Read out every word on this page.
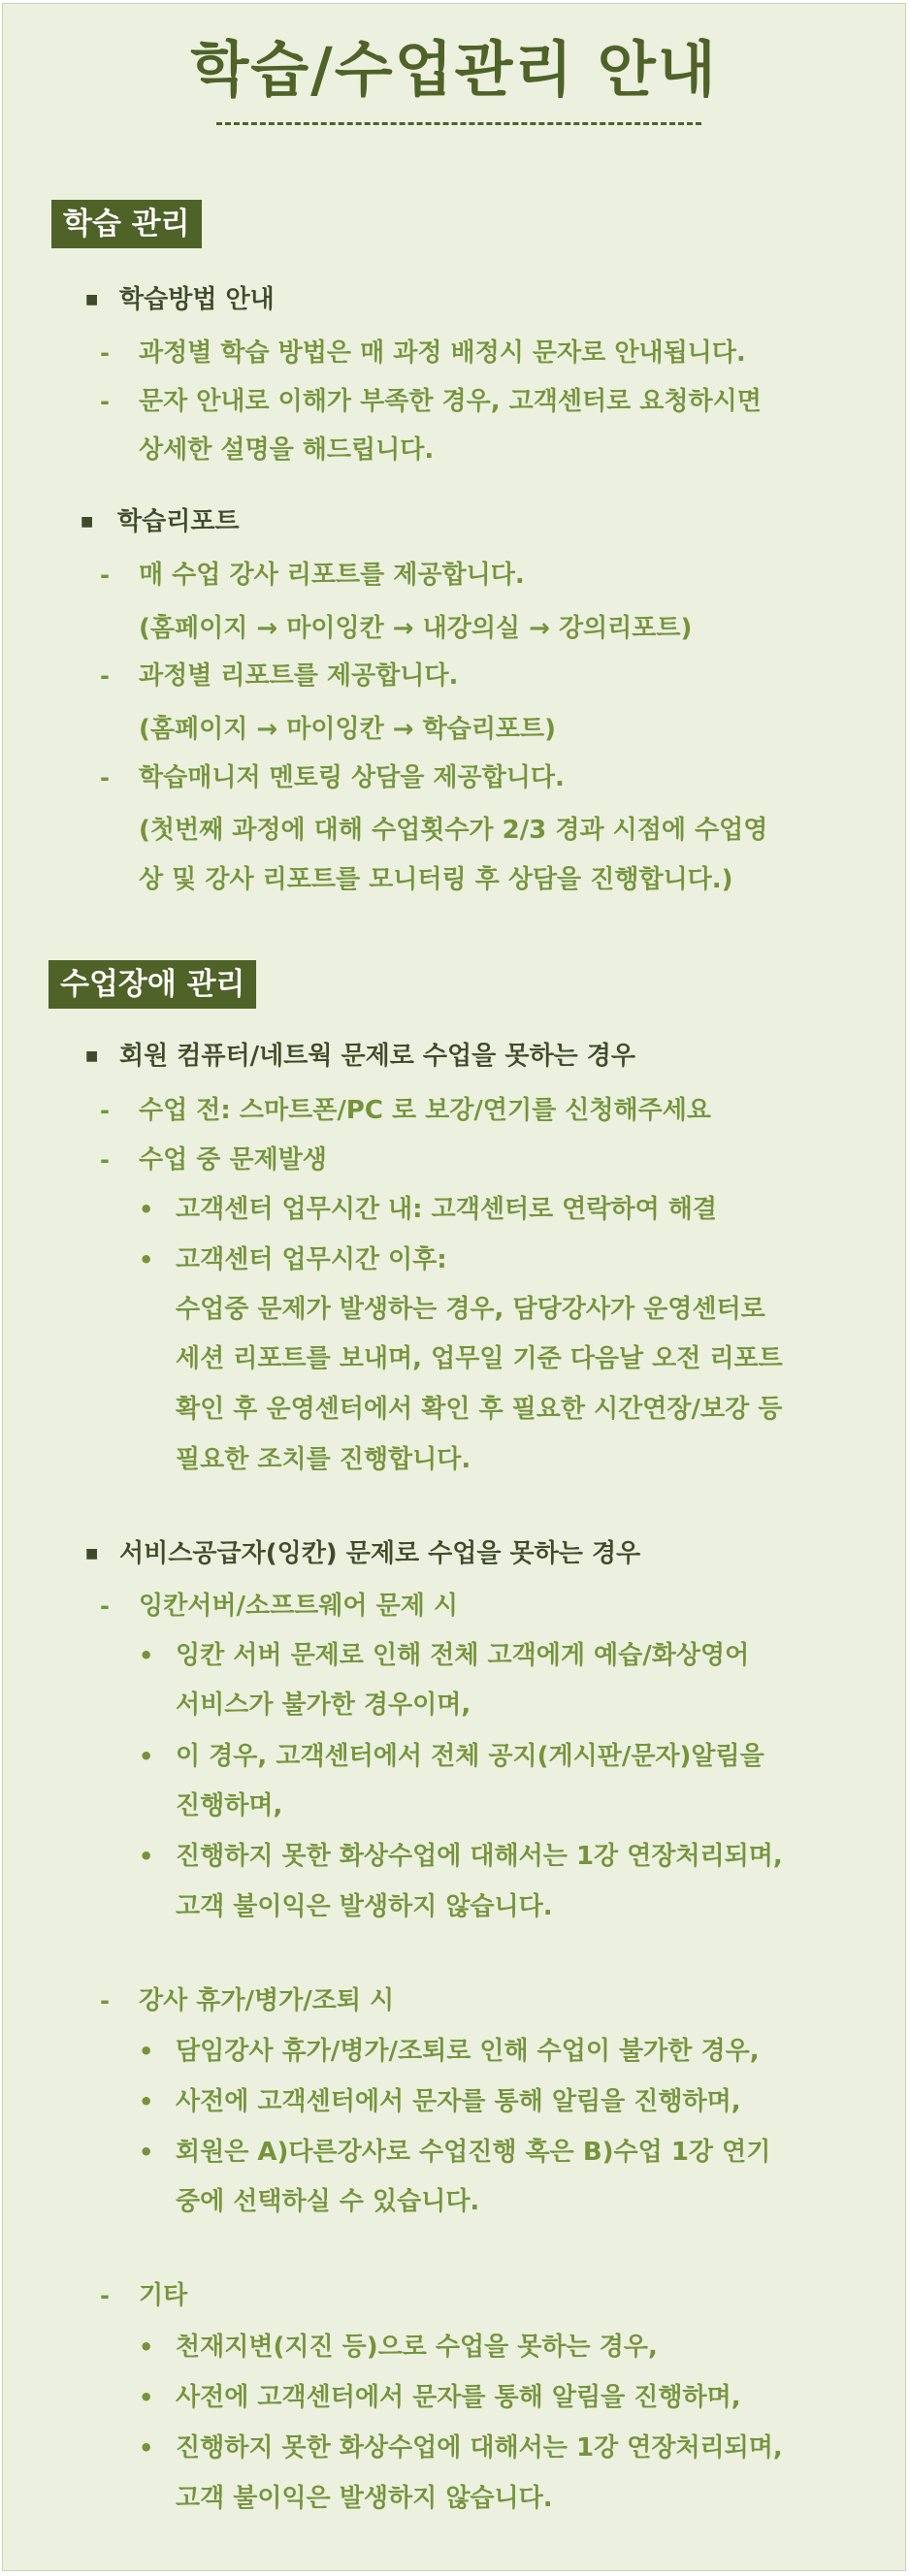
학습/수업관리 안내
학습 관리
수업장애 관리
■ 학습방법 안내
- 과정별 학습 방법은 매 과정 배정시 문자로 안내됩니다.
- 문자 안내로 이해가 부족한 경우, 고객센터로 요청하시면
상세한 설명을 해드립니다.
■ 학습리포트
- 매 수업 강사 리포트를 제공합니다.
(홈페이지 → 마이잉칸 → 내강의실 → 강의리포트)
- 과정별 리포트를 제공합니다.
(홈페이지 → 마이잉칸 → 학습리포트)
- 학습매니저 멘토링 상담을 제공합니다.
(첫번째 과정에 대해 수업횟수가 2/3 경과 시점에 수업영
상 및 강사 리포트를 모니터링 후 상담을 진행합니다.)
■ 회원 컴퓨터/네트웍 문제로 수업을 못하는 경우
- 수업 전: 스마트폰/PC 로 보강/연기를 신청해주세요
- 수업 중 문제발생
• 고객센터 업무시간 내: 고객센터로 연락하여 해결
• 고객센터 업무시간 이후:
수업중 문제가 발생하는 경우, 담당강사가 운영센터로
세션 리포트를 보내며, 업무일 기준 다음날 오전 리포트
확인 후 운영센터에서 확인 후 필요한 시간연장/보강 등
필요한 조치를 진행합니다.
■ 서비스공급자(잉칸) 문제로 수업을 못하는 경우
- 잉칸서버/소프트웨어 문제 시
• 잉칸 서버 문제로 인해 전체 고객에게 예습/화상영어
서비스가 불가한 경우이며,
• 이 경우, 고객센터에서 전체 공지(게시판/문자)알림을
진행하며,
• 진행하지 못한 화상수업에 대해서는 1강 연장처리되며,
고객 불이익은 발생하지 않습니다.
- 강사 휴가/병가/조퇴 시
• 담임강사 휴가/병가/조퇴로 인해 수업이 불가한 경우,
• 사전에 고객센터에서 문자를 통해 알림을 진행하며,
• 회원은 A)다른강사로 수업진행 혹은 B)수업 1강 연기
중에 선택하실 수 있습니다.
- 기타
• 천재지변(지진 등)으로 수업을 못하는 경우,
• 사전에 고객센터에서 문자를 통해 알림을 진행하며,
• 진행하지 못한 화상수업에 대해서는 1강 연장처리되며,
고객 불이익은 발생하지 않습니다.
